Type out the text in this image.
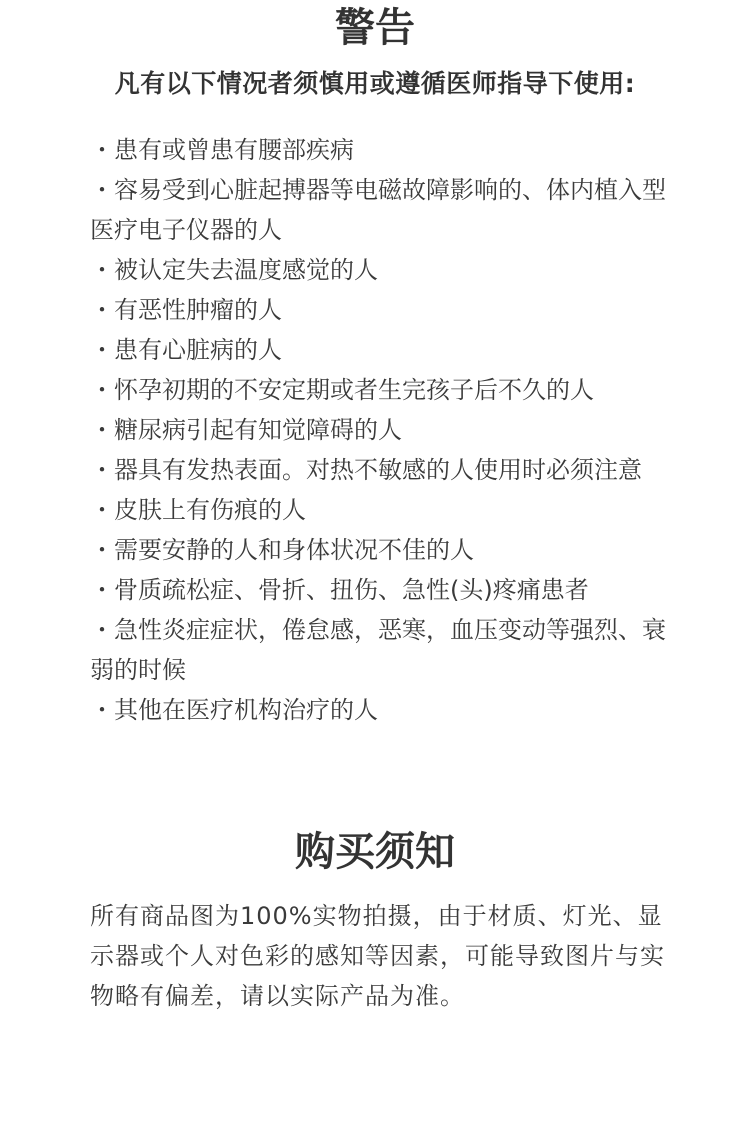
警告

凡有以下情况者须慎用或遵循医师指导下使用:

・患有或曾患有腰部疾病
・容易受到心脏起搏器等电磁故障影响的、体内植入型医疗电子仪器的人
・被认定失去温度感觉的人
・有恶性肿瘤的人
・患有心脏病的人
・怀孕初期的不安定期或者生完孩子后不久的人
・糖尿病引起有知觉障碍的人
・器具有发热表面。对热不敏感的人使用时必须注意
・皮肤上有伤痕的人
・需要安静的人和身体状况不佳的人
・骨质疏松症、骨折、扭伤、急性(头)疼痛患者
・急性炎症症状，倦怠感，恶寒，血压变动等强烈、衰弱的时候
・其他在医疗机构治疗的人
购买须知

所有商品图为100%实物拍摄，由于材质、灯光、显示器或个人对色彩的感知等因素，可能导致图片与实物略有偏差，请以实际产品为准。
